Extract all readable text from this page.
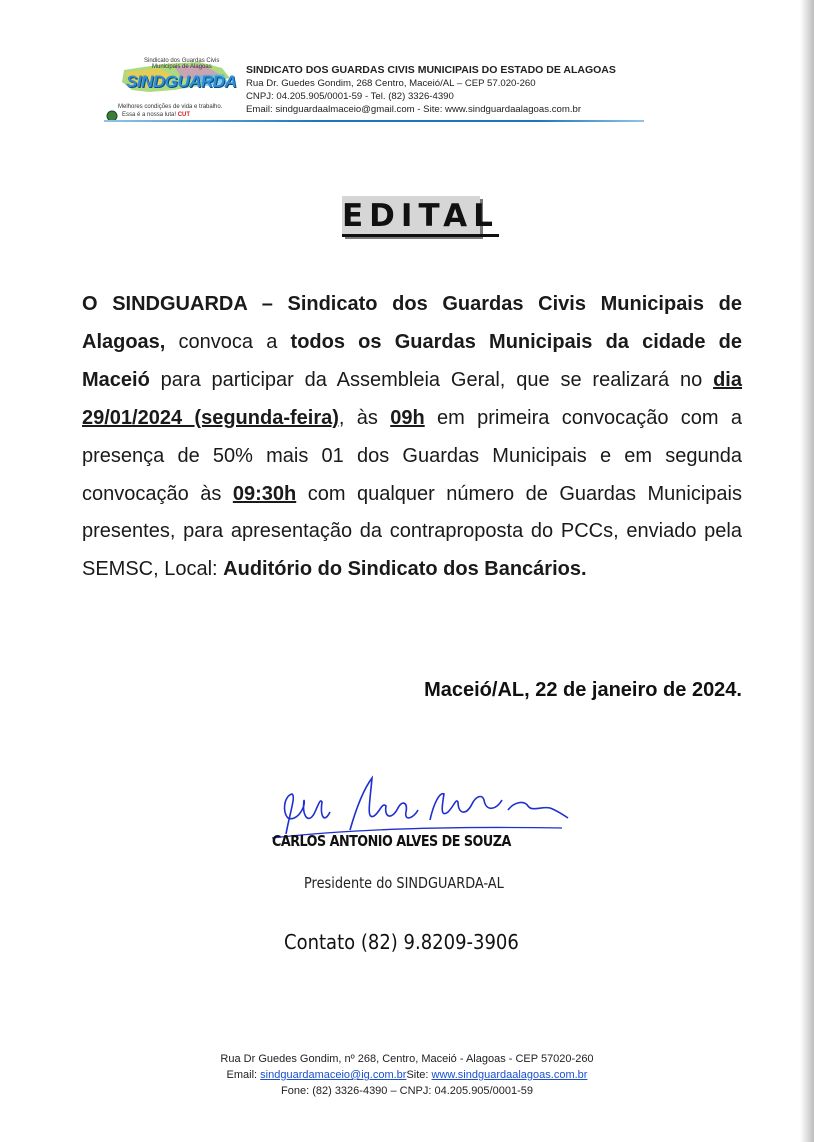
Sindicato dos Guardas Civis
Municipais de Alagoas
SINDGUARDA
Melhores condições de vida e trabalho.
Essa é a nossa luta! CUT
SINDICATO DOS GUARDAS CIVIS MUNICIPAIS DO ESTADO DE ALAGOAS
Rua Dr. Guedes Gondim, 268 Centro, Maceió/AL – CEP 57.020-260
CNPJ: 04.205.905/0001-59 - Tel. (82) 3326-4390
Email: sindguardaalmaceio@gmail.com - Site: www.sindguardaalagoas.com.br
EDITAL
O SINDGUARDA – Sindicato dos Guardas Civis Municipais de Alagoas, convoca a todos os Guardas Municipais da cidade de Maceió para participar da Assembleia Geral, que se realizará no dia 29/01/2024 (segunda-feira), às 09h em primeira convocação com a presença de 50% mais 01 dos Guardas Municipais e em segunda convocação às 09:30h com qualquer número de Guardas Municipais presentes, para apresentação da contraproposta do PCCs, enviado pela SEMSC, Local: Auditório do Sindicato dos Bancários.
Maceió/AL, 22 de janeiro de 2024.
CARLOS ANTONIO ALVES DE SOUZA
Presidente do SINDGUARDA-AL
Contato (82) 9.8209-3906
Rua Dr Guedes Gondim, nº 268, Centro, Maceió - Alagoas - CEP 57020-260
Email: sindguardamaceio@ig.com.brSite: www.sindguardaalagoas.com.br
Fone: (82) 3326-4390 – CNPJ: 04.205.905/0001-59
